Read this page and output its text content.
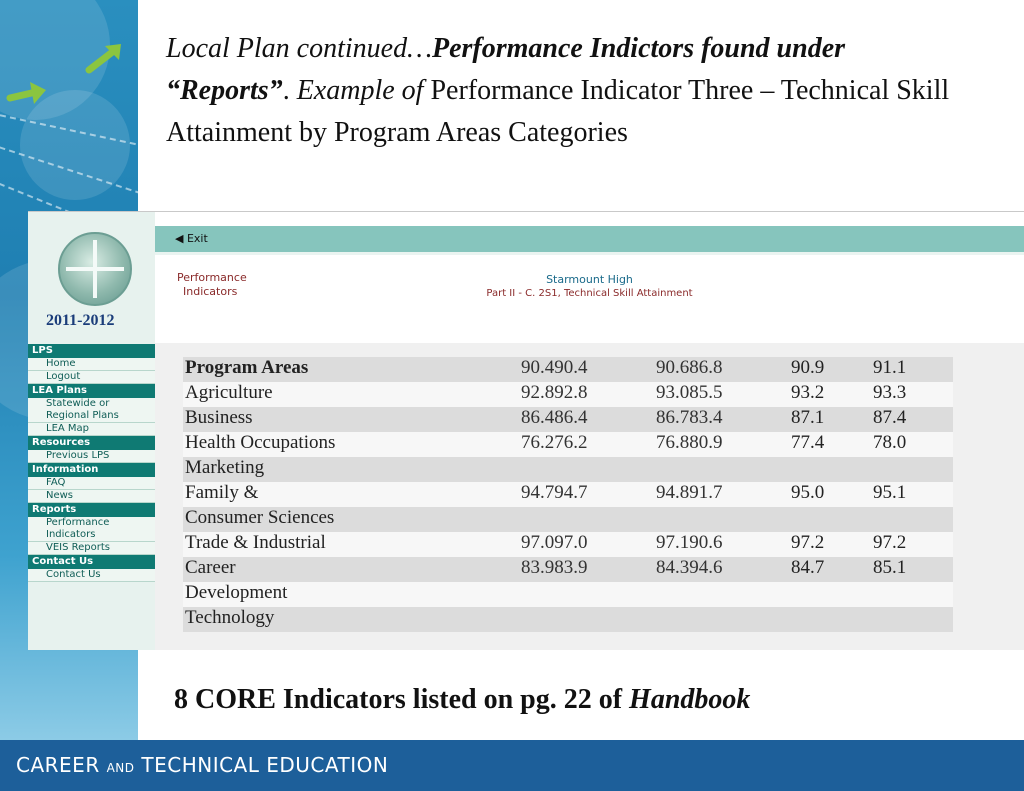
Local Plan continued…Performance Indictors found under “Reports”. Example of Performance Indicator Three – Technical Skill Attainment by Program Areas Categories
2011-2012
LPS
Home
Logout
LEA Plans
Statewide or Regional Plans
LEA Map
Resources
Previous LPS
Information
FAQ
News
Reports
Performance Indicators
VEIS Reports
Contact Us
Contact Us
◀ Exit
Performance
Indicators
Starmount High
Part II - C. 2S1, Technical Skill Attainment
Program Areas	90.490.4	90.686.8	90.9	91.1
Agriculture	92.892.8	93.085.5	93.2	93.3
Business	86.486.4	86.783.4	87.1	87.4
Health Occupations	76.276.2	76.880.9	77.4	78.0
Marketing				
Family &	94.794.7	94.891.7	95.0	95.1
Consumer Sciences				
Trade & Industrial	97.097.0	97.190.6	97.2	97.2
Career	83.983.9	84.394.6	84.7	85.1
Development				
Technology				
8 CORE Indicators listed on pg. 22 of Handbook
CAREER AND TECHNICAL EDUCATION
